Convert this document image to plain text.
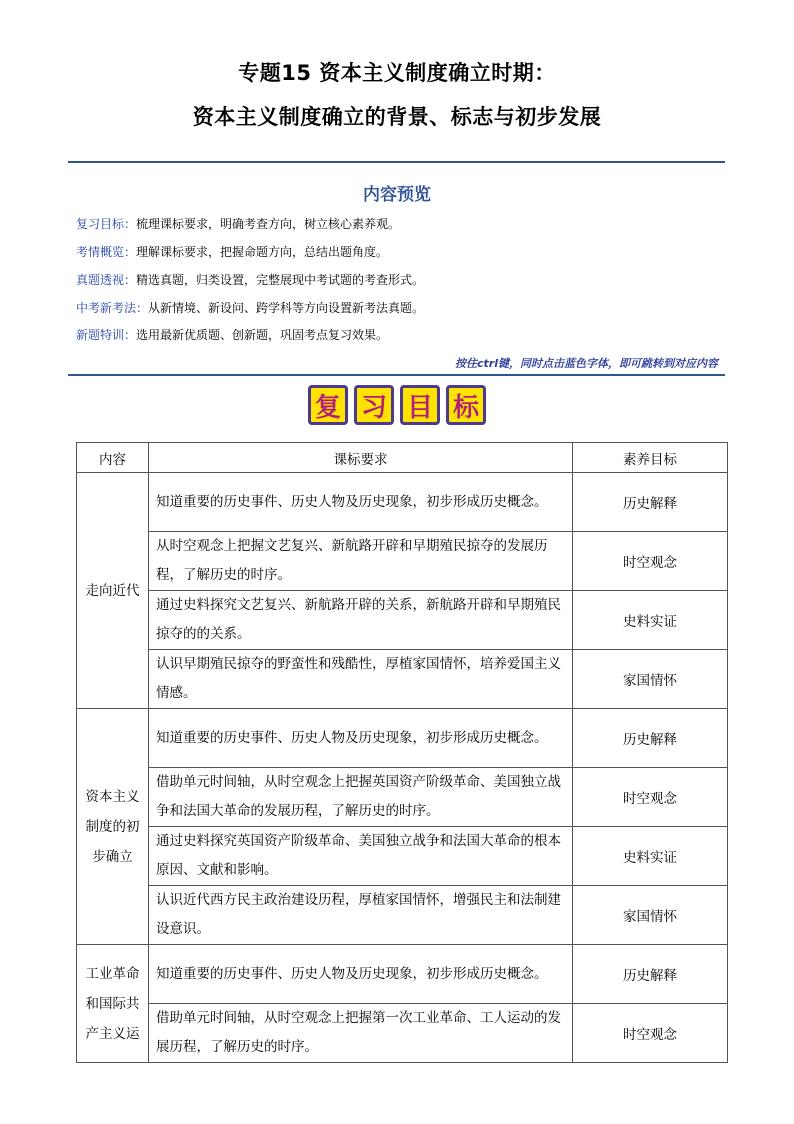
专题15 资本主义制度确立时期：
资本主义制度确立的背景、标志与初步发展
内容预览
复习目标：梳理课标要求，明确考查方向，树立核心素养观。
考情概览：理解课标要求，把握命题方向，总结出题角度。
真题透视：精选真题，归类设置，完整展现中考试题的考查形式。
中考新考法：从新情境、新设问、跨学科等方向设置新考法真题。
新题特训：选用最新优质题、创新题，巩固考点复习效果。
按住ctrl键，同时点击蓝色字体，即可跳转到对应内容
复 习 目 标
内容	课标要求	素养目标
走向近代	知道重要的历史事件、历史人物及历史现象，初步形成历史概念。	历史解释
	从时空观念上把握文艺复兴、新航路开辟和早期殖民掠夺的发展历程，了解历史的时序。	时空观念
	通过史料探究文艺复兴、新航路开辟的关系，新航路开辟和早期殖民掠夺的的关系。	史料实证
	认识早期殖民掠夺的野蛮性和残酷性，厚植家国情怀，培养爱国主义情感。	家国情怀
资本主义制度的初步确立	知道重要的历史事件、历史人物及历史现象，初步形成历史概念。	历史解释
	借助单元时间轴，从时空观念上把握英国资产阶级革命、美国独立战争和法国大革命的发展历程，了解历史的时序。	时空观念
	通过史料探究英国资产阶级革命、美国独立战争和法国大革命的根本原因、文献和影响。	史料实证
	认识近代西方民主政治建设历程，厚植家国情怀，增强民主和法制建设意识。	家国情怀
工业革命和国际共产主义运	知道重要的历史事件、历史人物及历史现象，初步形成历史概念。	历史解释
	借助单元时间轴，从时空观念上把握第一次工业革命、工人运动的发展历程，了解历史的时序。	时空观念
